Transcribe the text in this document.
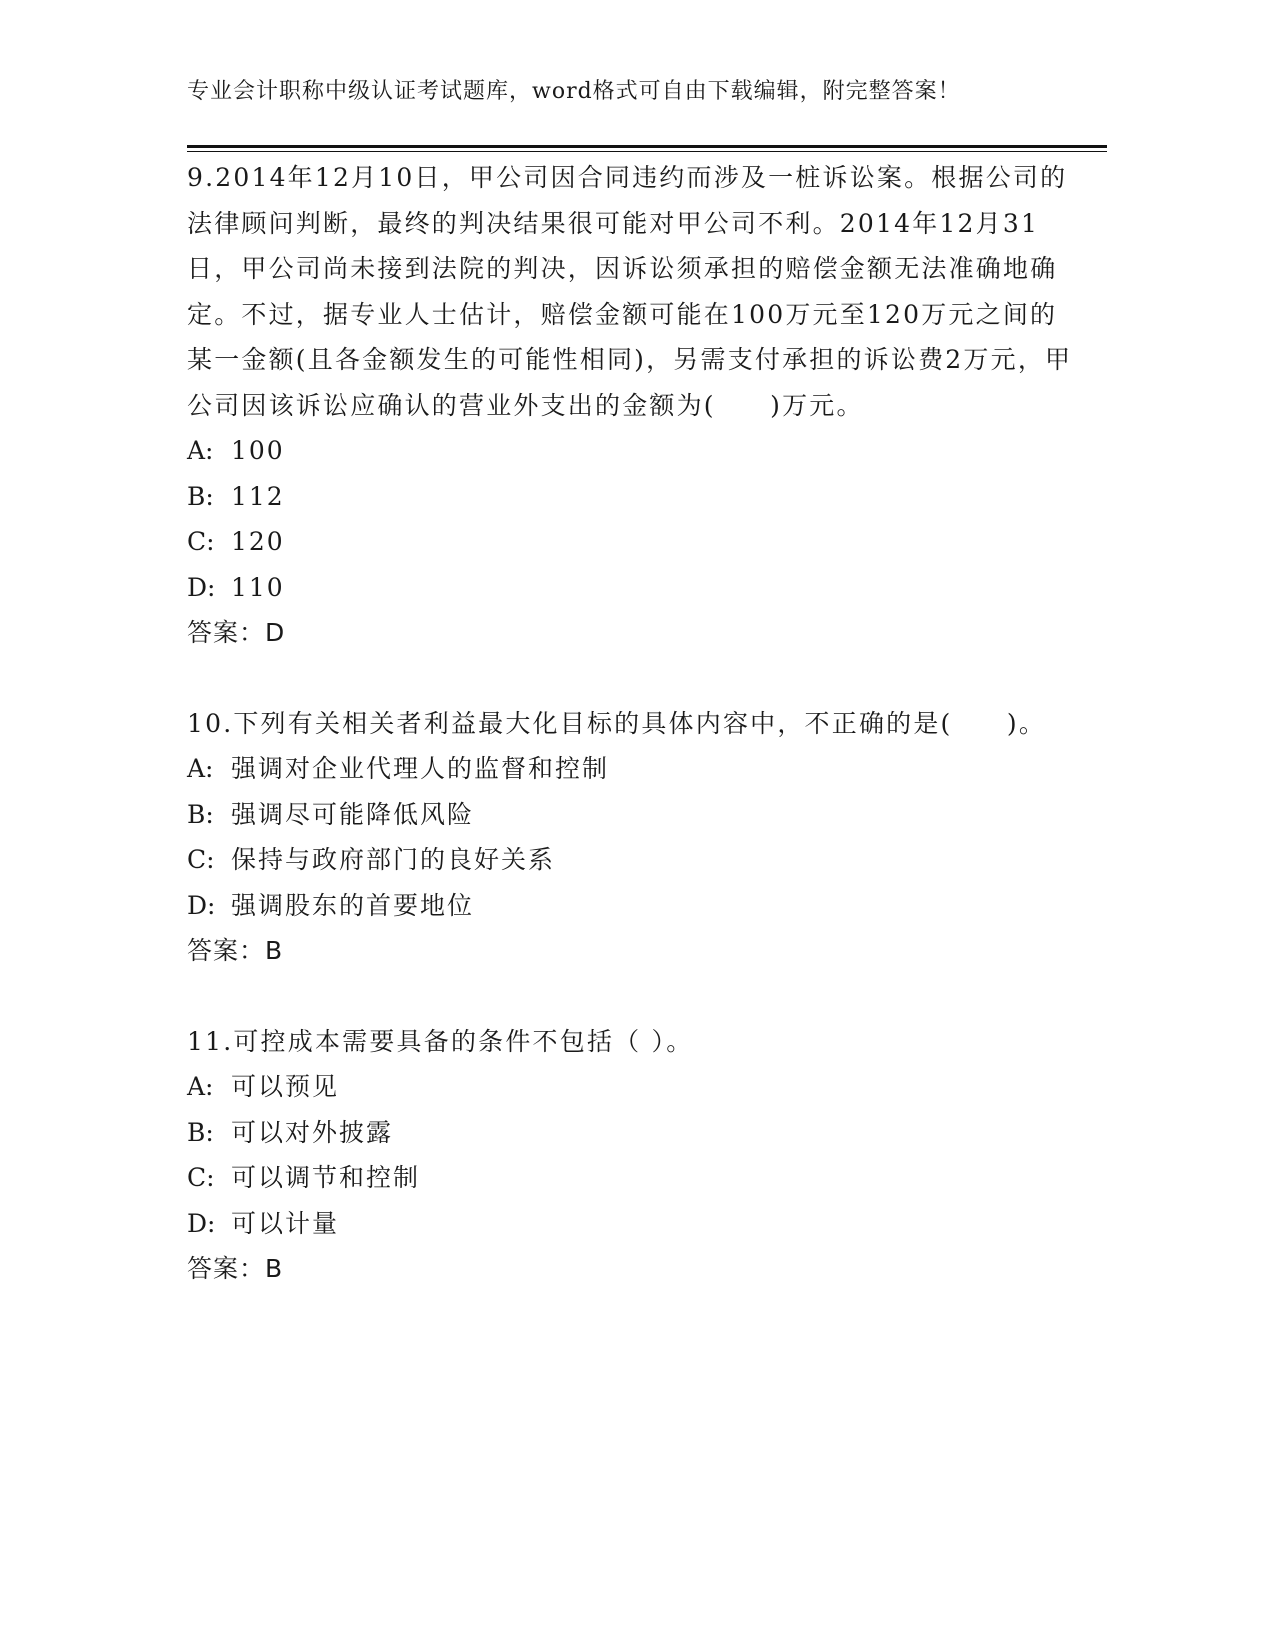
专业会计职称中级认证考试题库，word格式可自由下载编辑，附完整答案！

9.2014年12月10日，甲公司因合同违约而涉及一桩诉讼案。根据公司的法律顾问判断，最终的判决结果很可能对甲公司不利。2014年12月31日，甲公司尚未接到法院的判决，因诉讼须承担的赔偿金额无法准确地确定。不过，据专业人士估计，赔偿金额可能在100万元至120万元之间的某一金额(且各金额发生的可能性相同)，另需支付承担的诉讼费2万元，甲公司因该诉讼应确认的营业外支出的金额为(　　)万元。

A: 100

B: 112

C: 120

D: 110

答案：D

10.下列有关相关者利益最大化目标的具体内容中，不正确的是(　　)。

A: 强调对企业代理人的监督和控制

B: 强调尽可能降低风险

C: 保持与政府部门的良好关系

D: 强调股东的首要地位

答案：B

11.可控成本需要具备的条件不包括（ ）。

A: 可以预见

B: 可以对外披露

C: 可以调节和控制

D: 可以计量

答案：B
